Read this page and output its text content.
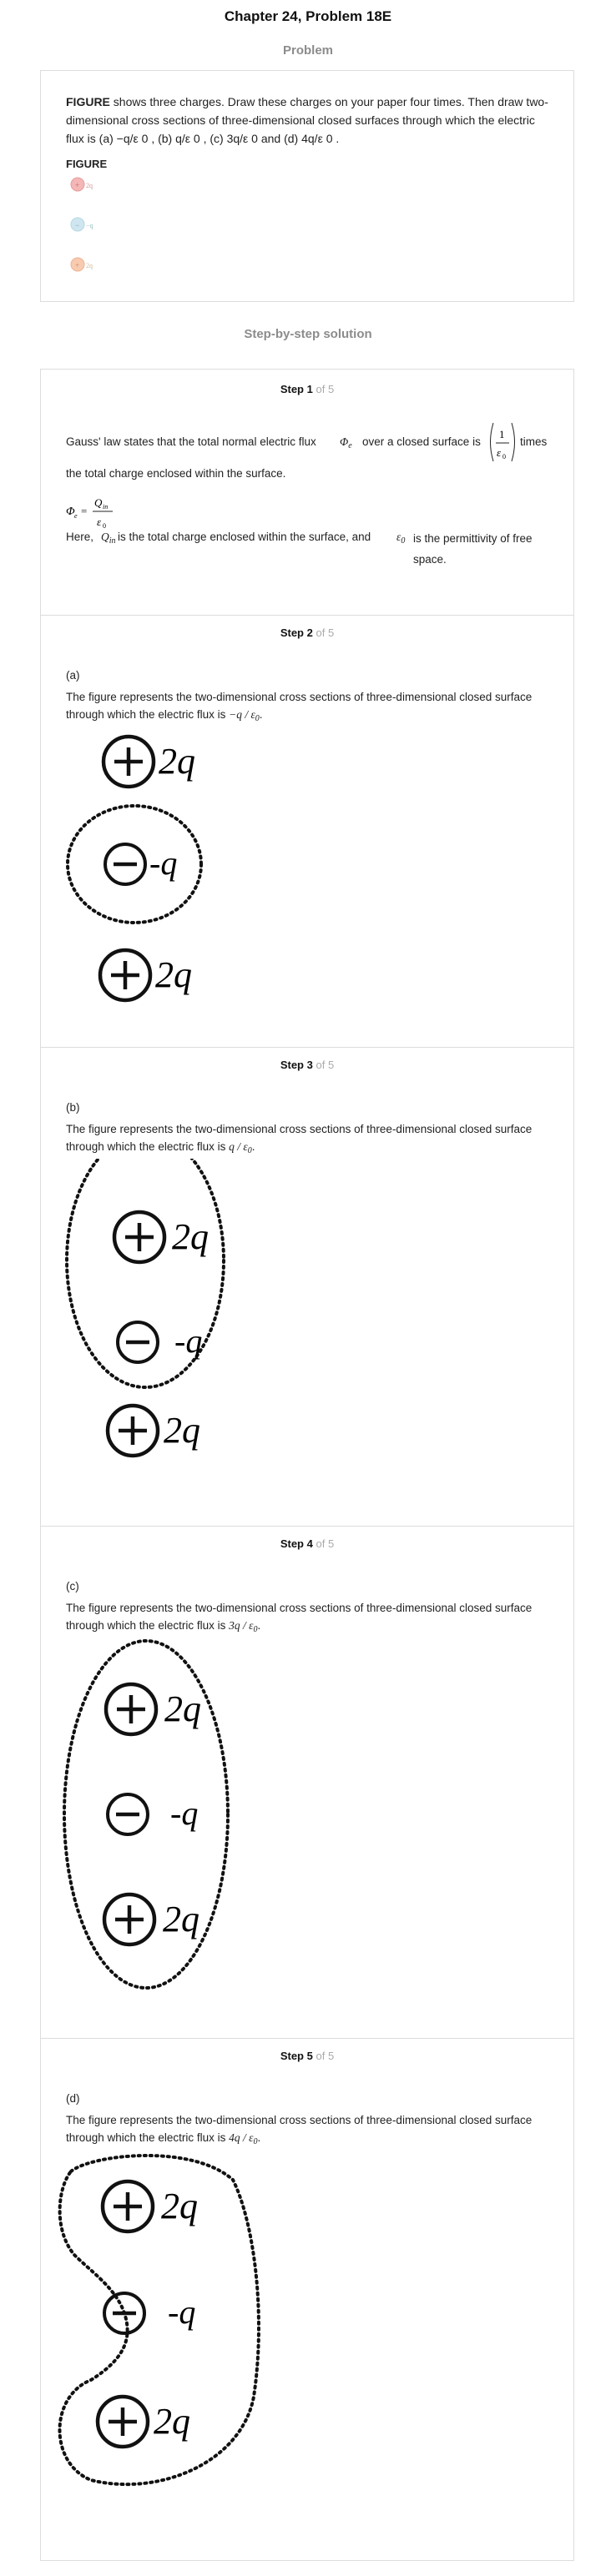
Chapter 24, Problem 18E
Problem
FIGURE shows three charges. Draw these charges on your paper four times. Then draw two-dimensional cross sections of three-dimensional closed surfaces through which the electric flux is (a) −q/ε 0 , (b) q/ε 0 , (c) 3q/ε 0 and (d) 4q/ε 0 .
FIGURE
+ 2q
− −q
+ 2q
Step-by-step solution
Step 1 of 5
Gauss' law states that the total normal electric flux $\Phi_e$ over a closed surface is
1
ε 0
times
the total charge enclosed within the surface.
Φ e =
Q in
ε 0
Here, $Q_{in}$ is the total charge enclosed within the surface, and $\varepsilon_0$ is the permittivity of free space.
Step 2 of 5
(a)
The figure represents the two-dimensional cross sections of three-dimensional closed surface through which the electric flux is $-q / \varepsilon_0$.
2q
-q
2q
Step 3 of 5
(b)
The figure represents the two-dimensional cross sections of three-dimensional closed surface through which the electric flux is q / $\varepsilon_0$.
2q
-q
2q
Step 4 of 5
(c)
The figure represents the two-dimensional cross sections of three-dimensional closed surface through which the electric flux is $3q / \varepsilon_0$.
2q
-q
2q
Step 5 of 5
(d)
The figure represents the two-dimensional cross sections of three-dimensional closed surface through which the electric flux is $4q / \varepsilon_0$.
2q
-q
2q
